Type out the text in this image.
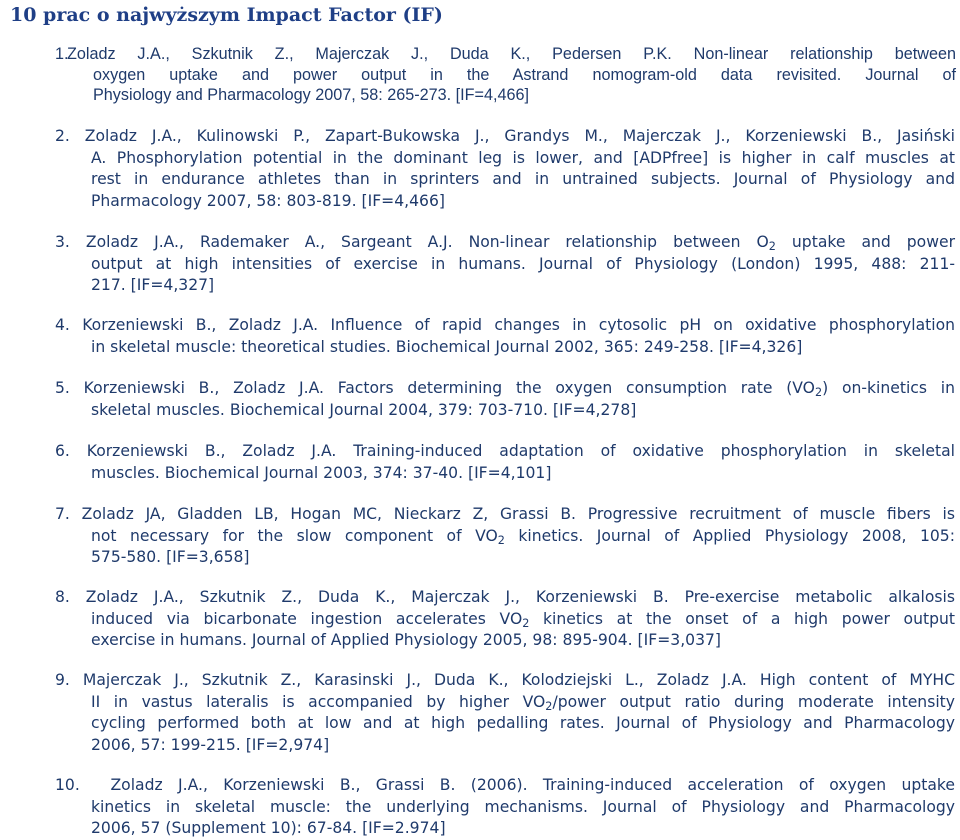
10 prac o najwyższym Impact Factor (IF)

1.
Zoladz J.A., Szkutnik Z., Majerczak J., Duda K., Pedersen P.K. Non-linear relationship between
oxygen uptake and power output in the Astrand nomogram-old data revisited. Journal of
Physiology and Pharmacology 2007, 58: 265-273. [IF=4,466]

2. Zoladz J.A., Kulinowski P., Zapart-Bukowska J., Grandys M., Majerczak J., Korzeniewski B., Jasiński
A. Phosphorylation potential in the dominant leg is lower, and [ADPfree] is higher in calf muscles at
rest in endurance athletes than in sprinters and in untrained subjects. Journal of Physiology and
Pharmacology 2007, 58: 803-819. [IF=4,466]

3. Zoladz J.A., Rademaker A., Sargeant A.J. Non-linear relationship between $O_2$ uptake and power
output at high intensities of exercise in humans. Journal of Physiology (London) 1995, 488: 211-
217. [IF=4,327]

4. Korzeniewski B., Zoladz J.A. Influence of rapid changes in cytosolic pH on oxidative phosphorylation
in skeletal muscle: theoretical studies. Biochemical Journal 2002, 365: 249-258. [IF=4,326]

5. Korzeniewski B., Zoladz J.A. Factors determining the oxygen consumption rate $(VO_2)$ on-kinetics in
skeletal muscles. Biochemical Journal 2004, 379: 703-710. [IF=4,278]

6. Korzeniewski B., Zoladz J.A. Training-induced adaptation of oxidative phosphorylation in skeletal
muscles. Biochemical Journal 2003, 374: 37-40. [IF=4,101]

7. Zoladz JA, Gladden LB, Hogan MC, Nieckarz Z, Grassi B. Progressive recruitment of muscle fibers is
not necessary for the slow component of $VO_2$ kinetics. Journal of Applied Physiology 2008, 105:
575-580. [IF=3,658]

8. Zoladz J.A., Szkutnik Z., Duda K., Majerczak J., Korzeniewski B. Pre-exercise metabolic alkalosis
induced via bicarbonate ingestion accelerates $VO_2$ kinetics at the onset of a high power output
exercise in humans. Journal of Applied Physiology 2005, 98: 895-904. [IF=3,037]

9. Majerczak J., Szkutnik Z., Karasinski J., Duda K., Kolodziejski L., Zoladz J.A. High content of MYHC
II in vastus lateralis is accompanied by higher $VO_2$/power output ratio during moderate intensity
cycling performed both at low and at high pedalling rates. Journal of Physiology and Pharmacology
2006, 57: 199-215. [IF=2,974]

10. Zoladz J.A., Korzeniewski B., Grassi B. (2006). Training-induced acceleration of oxygen uptake
kinetics in skeletal muscle: the underlying mechanisms. Journal of Physiology and Pharmacology
2006, 57 (Supplement 10): 67-84. [IF=2.974]
